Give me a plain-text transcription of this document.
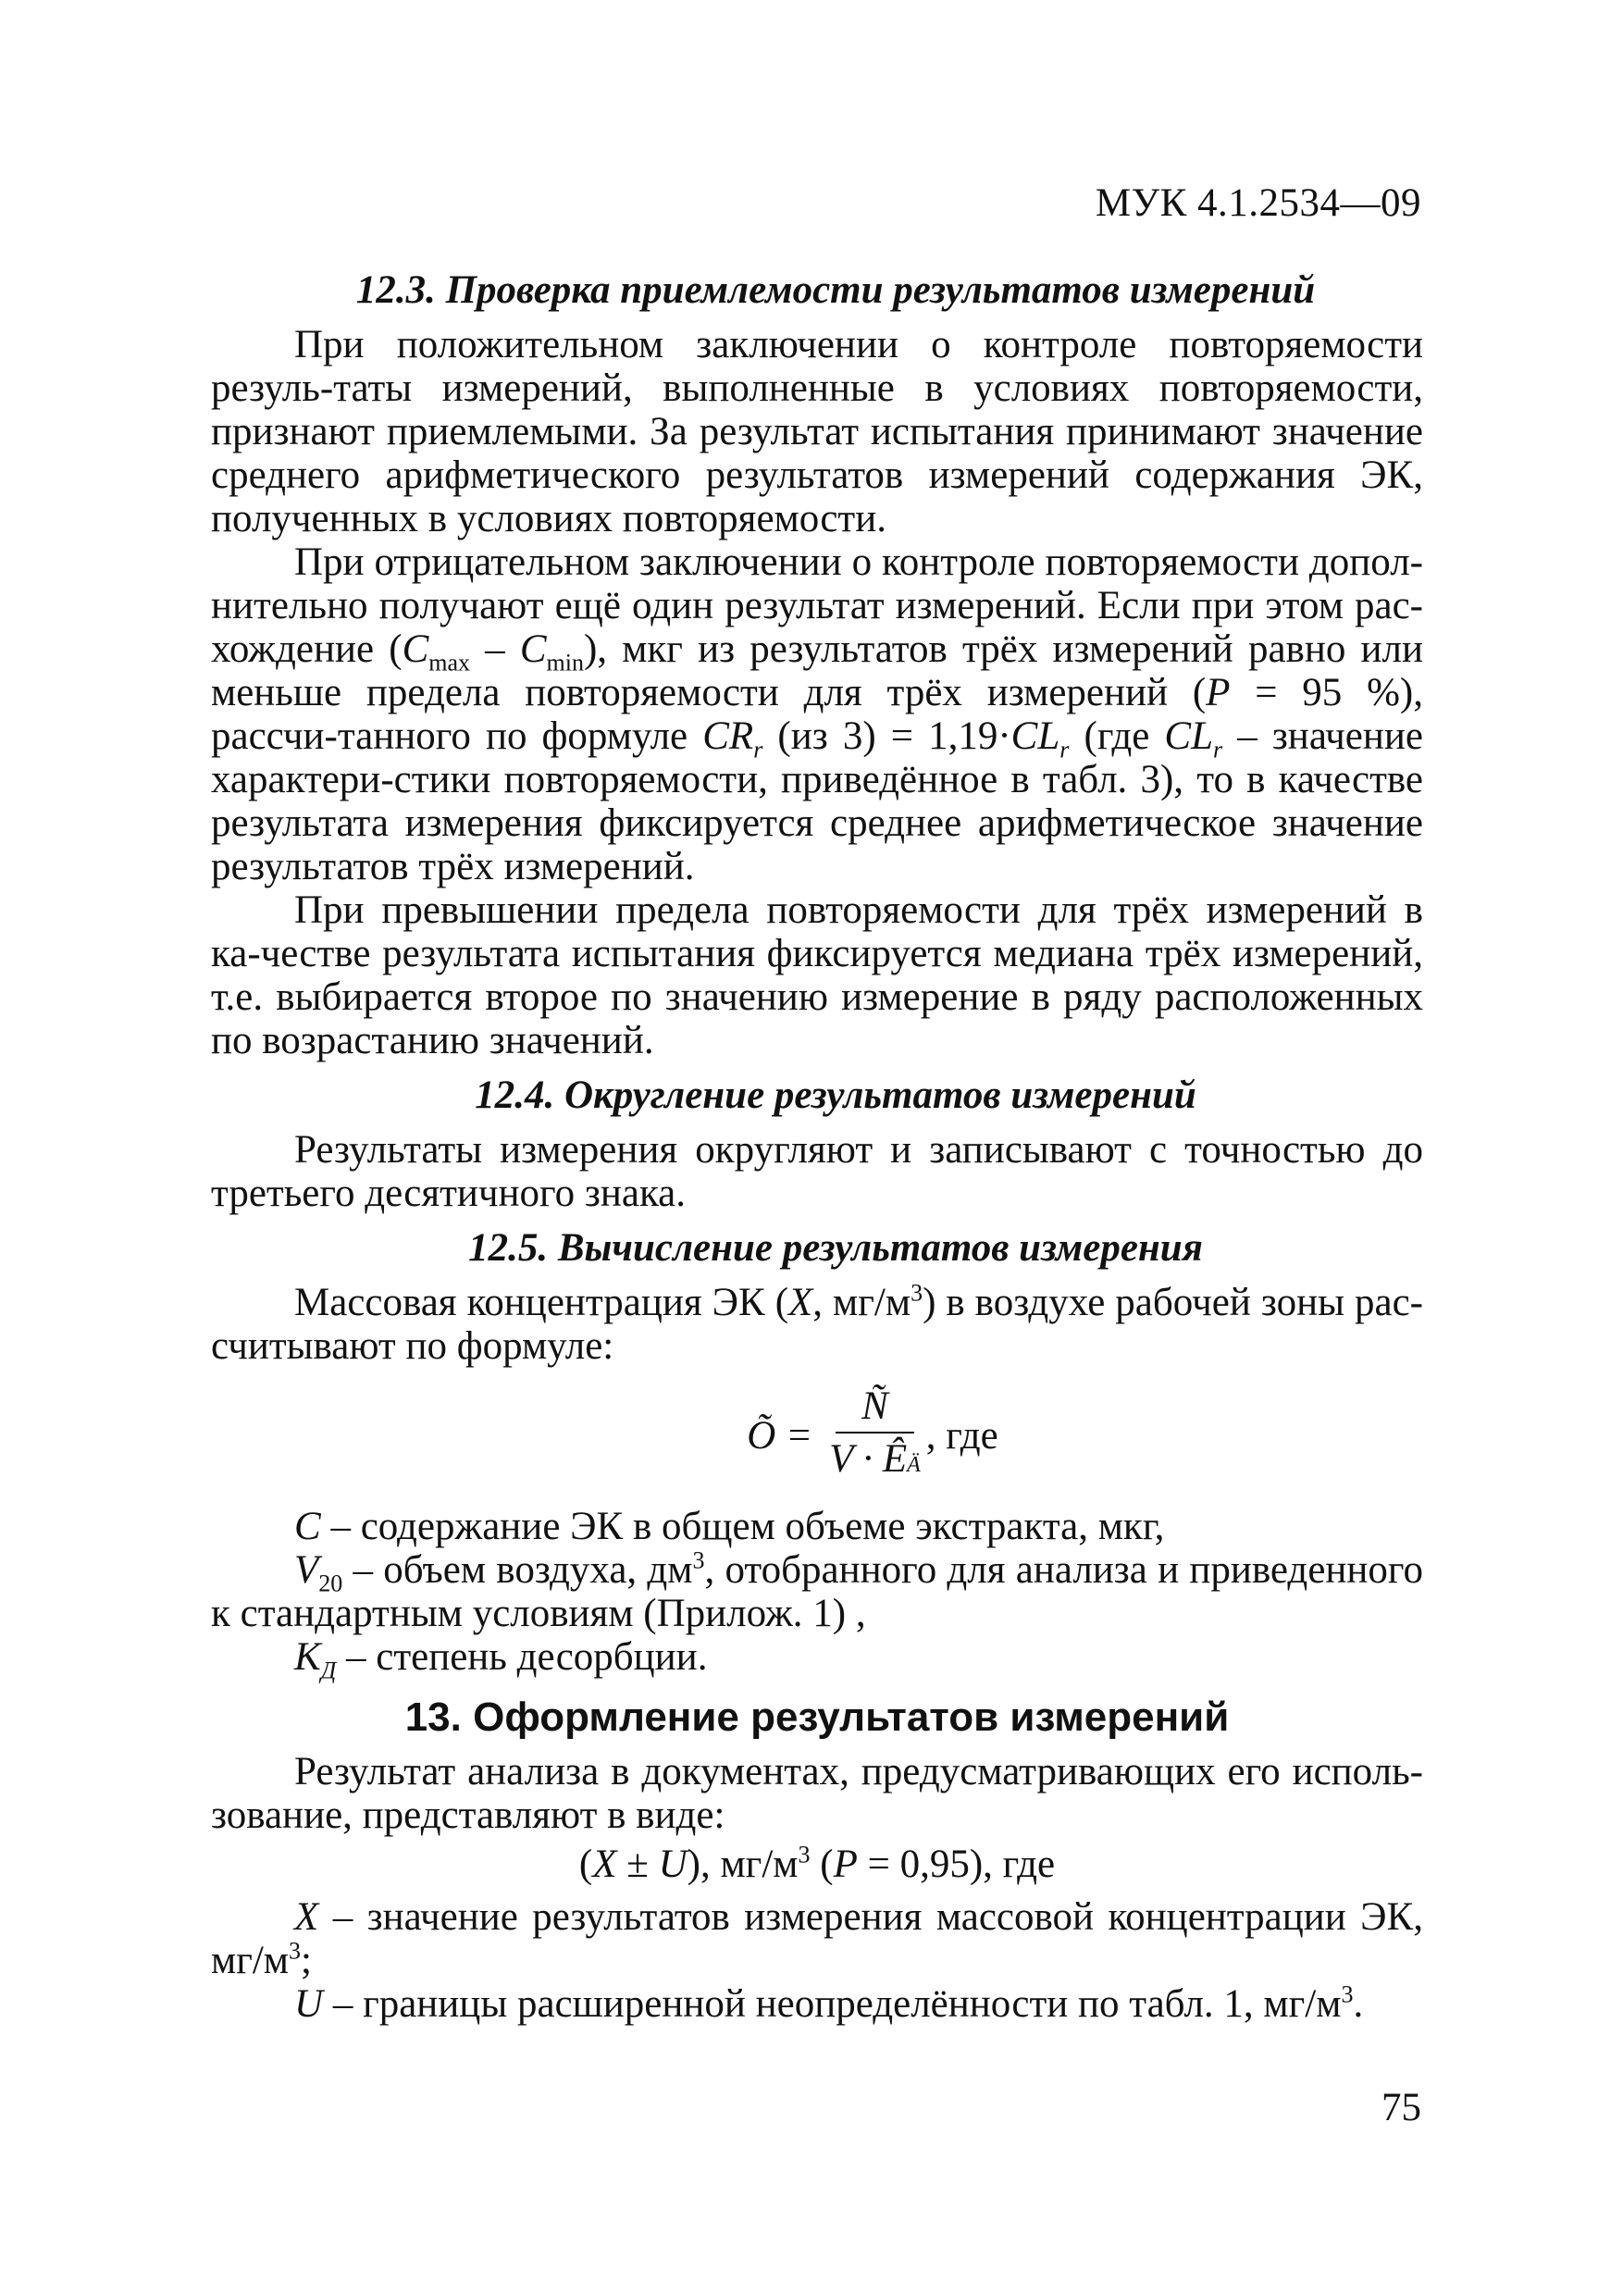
МУК 4.1.2534—09
12.3. Проверка приемлемости результатов измерений

При положительном заключении о контроле повторяемости резуль-таты измерений, выполненные в условиях повторяемости, признают приемлемыми. За результат испытания принимают значение среднего арифметического результатов измерений содержания ЭК, полученных в условиях повторяемости.

При отрицательном заключении о контроле повторяемости допол-нительно получают ещё один результат измерений. Если при этом рас-хождение $(C_{max} - C_{min})$, мкг из результатов трёх измерений равно или меньше предела повторяемости для трёх измерений (P = 95 %), рассчи-танного по формуле $CR_r$ (из $3) = 1,19\cdot CL_r$ (где $CL_r$ – значение характери-стики повторяемости, приведённое в табл. 3), то в качестве результата измерения фиксируется среднее арифметическое значение результатов трёх измерений.

При превышении предела повторяемости для трёх измерений в ка-честве результата испытания фиксируется медиана трёх измерений, т.е. выбирается второе по значению измерение в ряду расположенных по возрастанию значений.

12.4. Округление результатов измерений

Результаты измерения округляют и записывают с точностью до третьего десятичного знака.

12.5. Вычисление результатов измерения

Массовая концентрация ЭК (X, $мг/м^3$) в воздухе рабочей зоны рас-считывают по формуле:

Õ = $\frac{Ñ}{V \cdot ÊÄ}$ , где

C – содержание ЭК в общем объеме экстракта, мкг,

$V_{20}$ – объем воздуха, $дм^3$, отобранного для анализа и приведенного к стандартным условиям (Прилож. 1) ,

$K_Д$ – степень десорбции.

13. Оформление результатов измерений

Результат анализа в документах, предусматривающих его исполь-зование, представляют в виде:

(X ± U), $мг/м^3$ (P = 0,95), где

X – значение результатов измерения массовой концентрации ЭК, $мг/м^3$;

U – границы расширенной неопределённости по табл. 1, $мг/м^3$.

75
